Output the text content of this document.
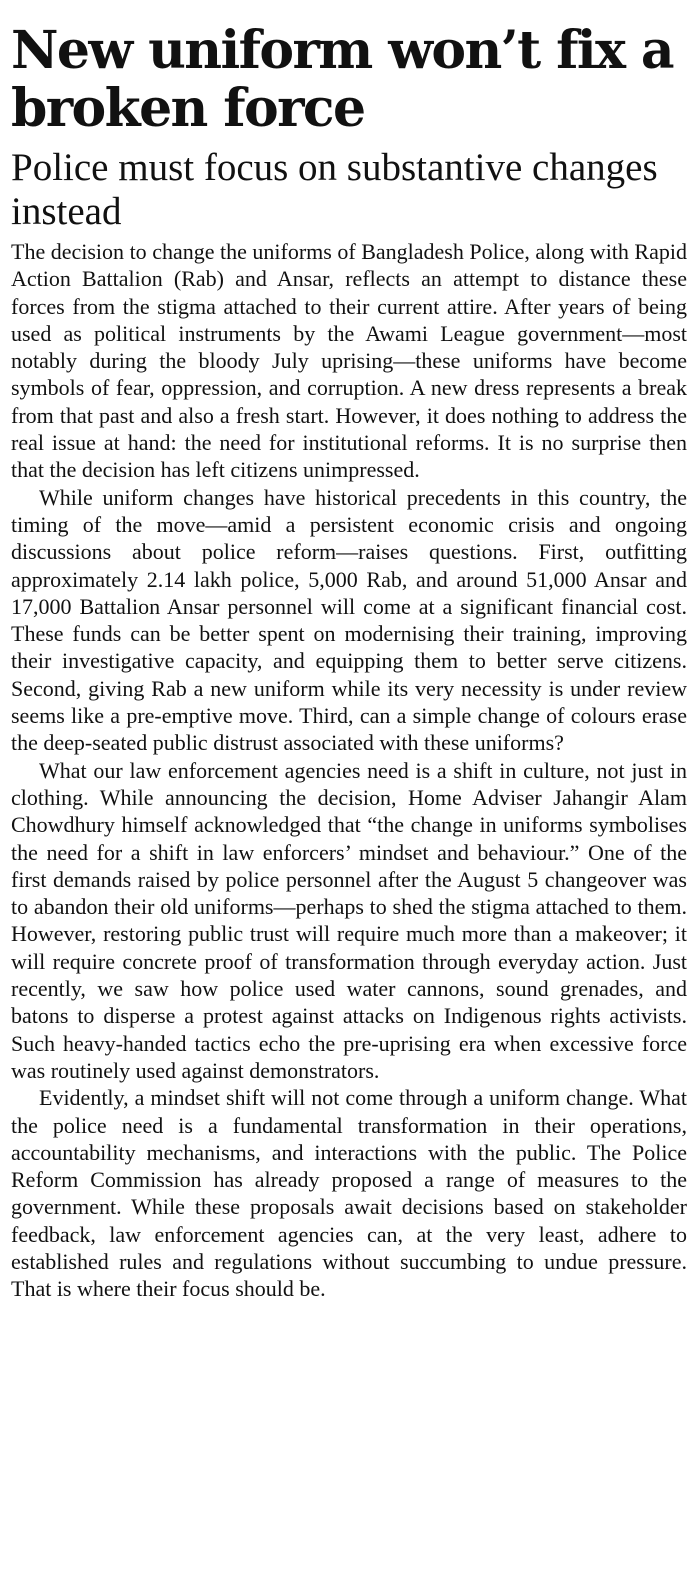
New uniform won’t fix a broken force
Police must focus on substantive changes instead

The decision to change the uniforms of Bangladesh Police, along with Rapid Action Battalion (Rab) and Ansar, reflects an attempt to distance these forces from the stigma attached to their current attire. After years of being used as political instruments by the Awami League government—most notably during the bloody July uprising—these uniforms have become symbols of fear, oppression, and corruption. A new dress represents a break from that past and also a fresh start. However, it does nothing to address the real issue at hand: the need for institutional reforms. It is no surprise then that the decision has left citizens unimpressed.

While uniform changes have historical precedents in this country, the timing of the move—amid a persistent economic crisis and ongoing discussions about police reform—raises questions. First, outfitting approximately 2.14 lakh police, 5,000 Rab, and around 51,000 Ansar and 17,000 Battalion Ansar personnel will come at a significant financial cost. These funds can be better spent on modernising their training, improving their investigative capacity, and equipping them to better serve citizens. Second, giving Rab a new uniform while its very necessity is under review seems like a pre-emptive move. Third, can a simple change of colours erase the deep-seated public distrust associated with these uniforms?

What our law enforcement agencies need is a shift in culture, not just in clothing. While announcing the decision, Home Adviser Jahangir Alam Chowdhury himself acknowledged that “the change in uniforms symbolises the need for a shift in law enforcers’ mindset and behaviour.” One of the first demands raised by police personnel after the August 5 changeover was to abandon their old uniforms—perhaps to shed the stigma attached to them. However, restoring public trust will require much more than a makeover; it will require concrete proof of transformation through everyday action. Just recently, we saw how police used water cannons, sound grenades, and batons to disperse a protest against attacks on Indigenous rights activists. Such heavy-handed tactics echo the pre-uprising era when excessive force was routinely used against demonstrators.

Evidently, a mindset shift will not come through a uniform change. What the police need is a fundamental transformation in their operations, accountability mechanisms, and interactions with the public. The Police Reform Commission has already proposed a range of measures to the government. While these proposals await decisions based on stakeholder feedback, law enforcement agencies can, at the very least, adhere to established rules and regulations without succumbing to undue pressure. That is where their focus should be.
